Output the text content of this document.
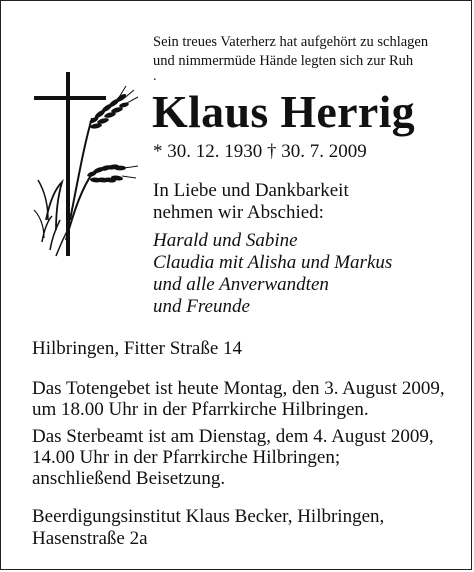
Sein treues Vaterherz hat aufgehört zu schlagen
und nimmermüde Hände legten sich zur Ruh
.
Klaus Herrig
* 30. 12. 1930 † 30. 7. 2009
In Liebe und Dankbarkeit
nehmen wir Abschied:
Harald und Sabine
Claudia mit Alisha und Markus
und alle Anverwandten
und Freunde
Hilbringen, Fitter Straße 14
Das Totengebet ist heute Montag, den 3. August 2009,
um 18.00 Uhr in der Pfarrkirche Hilbringen.
Das Sterbeamt ist am Dienstag, dem 4. August 2009,
14.00 Uhr in der Pfarrkirche Hilbringen;
anschließend Beisetzung.
Beerdigungsinstitut Klaus Becker, Hilbringen,
Hasenstraße 2a
